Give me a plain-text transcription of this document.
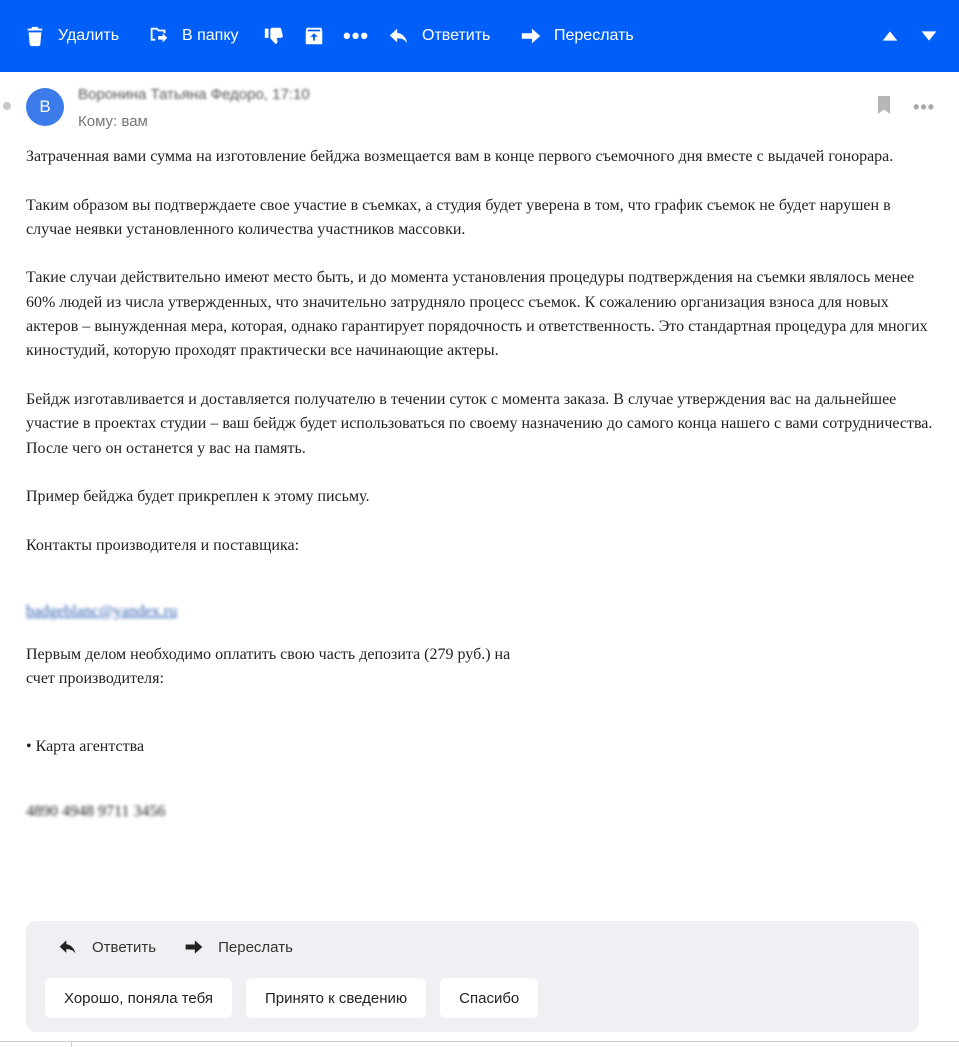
Удалить	В папку	•••	Ответить	Переслать
В
Воронина Татьяна Федоро, 17:10
Кому: вам
•••

Затраченная вами сумма на изготовление бейджа возмещается вам в конце первого съемочного дня вместе с выдачей гонорара.

Таким образом вы подтверждаете свое участие в съемках, а студия будет уверена в том, что график съемок не будет нарушен в случае неявки установленного количества участников массовки.

Такие случаи действительно имеют место быть, и до момента установления процедуры подтверждения на съемки являлось менее 60% людей из числа утвержденных, что значительно затрудняло процесс съемок. К сожалению организация взноса для новых актеров – вынужденная мера, которая, однако гарантирует порядочность и ответственность. Это стандартная процедура для многих киностудий, которую проходят практически все начинающие актеры.

Бейдж изготавливается и доставляется получателю в течении суток с момента заказа. В случае утверждения вас на дальнейшее участие в проектах студии – ваш бейдж будет использоваться по своему назначению до самого конца нашего с вами сотрудничества.

После чего он останется у вас на память.

Пример бейджа будет прикреплен к этому письму.

Контакты производителя и поставщика:

badgeblanc@yandex.ru

Первым делом необходимо оплатить свою часть депозита (279 руб.) на

счет производителя:

• Карта агентства

4890 4948 9711 3456

Ответить	Переслать
Хорошо, поняла тебя	Принято к сведению	Спасибо
